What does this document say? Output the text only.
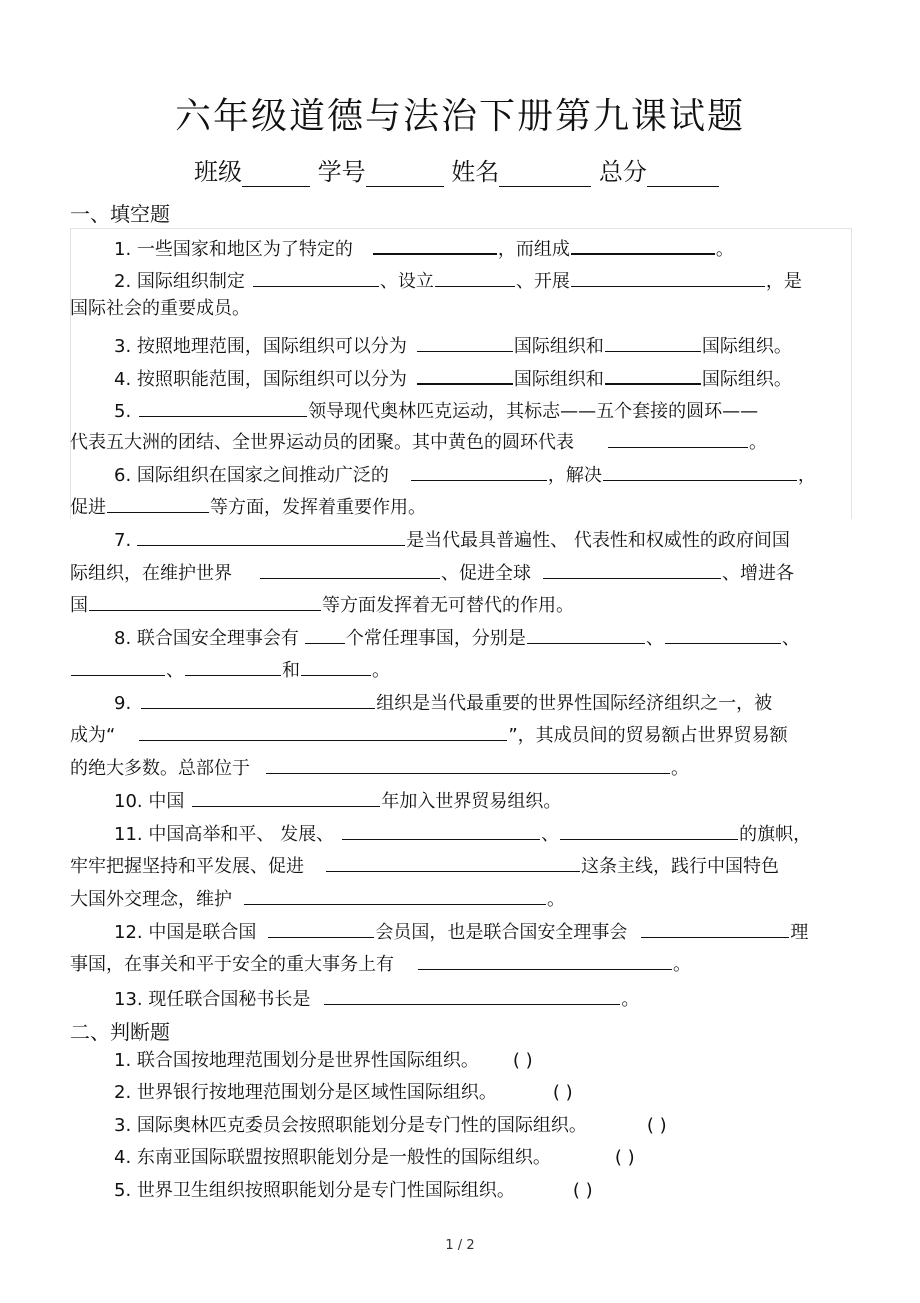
六年级道德与法治下册第九课试题
班级	学号	姓名	总分
一、填空题
1. 一些国家和地区为了特定的	，而组成	。
2. 国际组织制定	、设立	、开展	，是
国际社会的重要成员。
3. 按照地理范围，国际组织可以分为	国际组织和	国际组织。
4. 按照职能范围，国际组织可以分为	国际组织和	国际组织。
5.	领导现代奥林匹克运动，其标志——五个套接的圆环——
代表五大洲的团结、全世界运动员的团聚。其中黄色的圆环代表	。
6. 国际组织在国家之间推动广泛的	，解决	，
促进	等方面，发挥着重要作用。
7.	是当代最具普遍性、 代表性和权威性的政府间国
际组织，在维护世界	、促进全球	、增进各
国	等方面发挥着无可替代的作用。
8. 联合国安全理事会有	个常任理事国，分别是	、	、
、	和	。
9.	组织是当代最重要的世界性国际经济组织之一，被
成为“	”，其成员间的贸易额占世界贸易额
的绝大多数。总部位于	。
10. 中国	年加入世界贸易组织。
11. 中国高举和平、 发展、	、	的旗帜，
牢牢把握坚持和平发展、促进	这条主线，践行中国特色
大国外交理念，维护	。
12. 中国是联合国	会员国，也是联合国安全理事会	理
事国，在事关和平于安全的重大事务上有	。
13. 现任联合国秘书长是	。
二、判断题
1. 联合国按地理范围划分是世界性国际组织。 ( )
2. 世界银行按地理范围划分是区域性国际组织。	( )
3. 国际奥林匹克委员会按照职能划分是专门性的国际组织。	( )
4. 东南亚国际联盟按照职能划分是一般性的国际组织。	( )
5. 世界卫生组织按照职能划分是专门性国际组织。	( )
1 / 2
